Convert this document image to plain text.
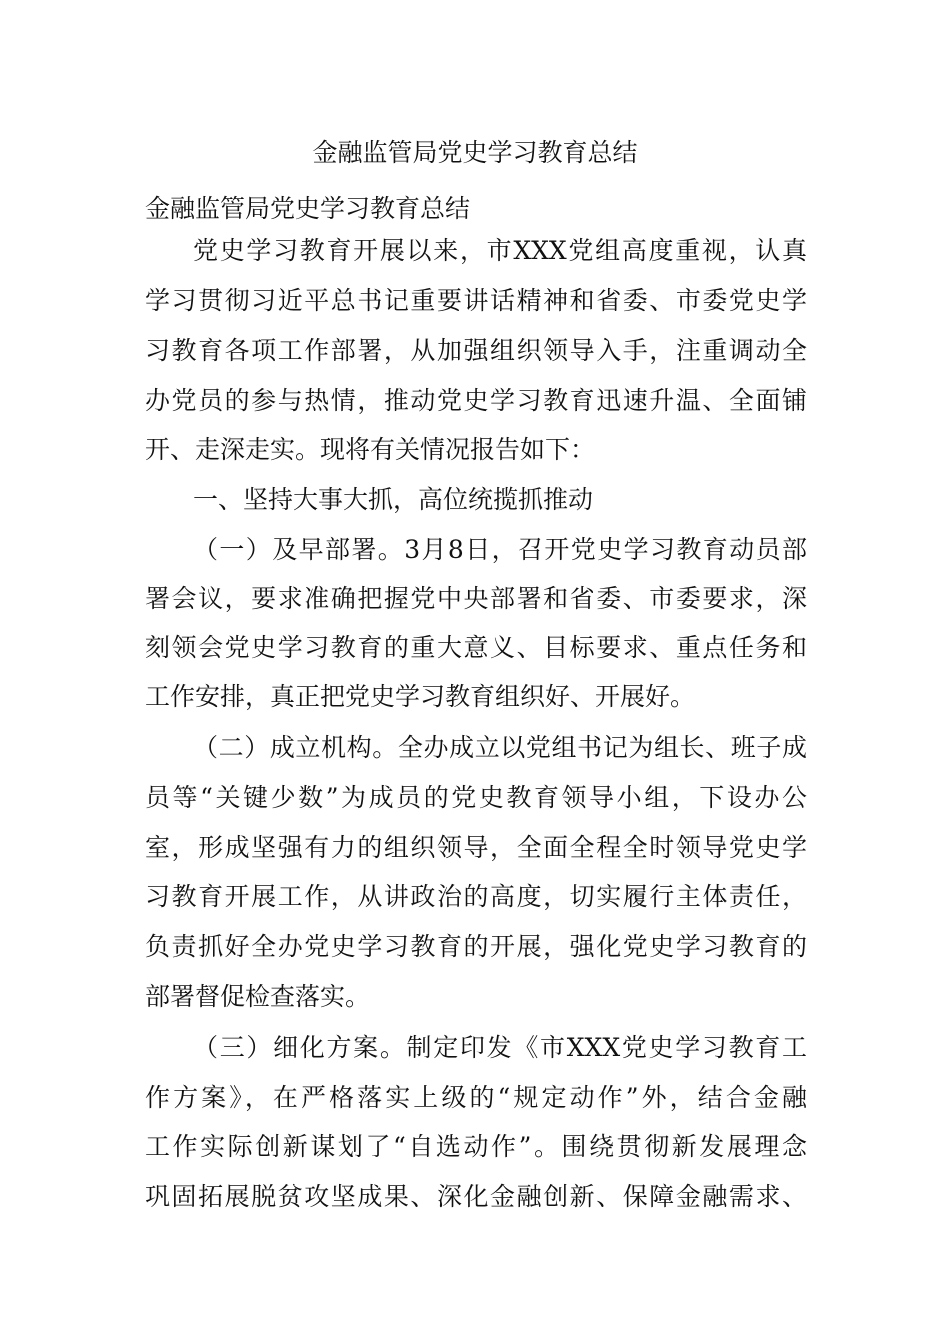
金融监管局党史学习教育总结

金融监管局党史学习教育总结

党史学习教育开展以来，市XXX党组高度重视，认真

学习贯彻习近平总书记重要讲话精神和省委、市委党史学

习教育各项工作部署，从加强组织领导入手，注重调动全

办党员的参与热情，推动党史学习教育迅速升温、全面铺

开、走深走实。现将有关情况报告如下：

一、坚持大事大抓，高位统揽抓推动

（一）及早部署。3月8日，召开党史学习教育动员部

署会议，要求准确把握党中央部署和省委、市委要求，深

刻领会党史学习教育的重大意义、目标要求、重点任务和

工作安排，真正把党史学习教育组织好、开展好。

（二）成立机构。全办成立以党组书记为组长、班子成

员等“关键少数”为成员的党史教育领导小组，下设办公

室，形成坚强有力的组织领导，全面全程全时领导党史学

习教育开展工作，从讲政治的高度，切实履行主体责任，

负责抓好全办党史学习教育的开展，强化党史学习教育的

部署督促检查落实。

（三）细化方案。制定印发《市XXX党史学习教育工

作方案》，在严格落实上级的“规定动作”外，结合金融

工作实际创新谋划了“自选动作”。围绕贯彻新发展理念

巩固拓展脱贫攻坚成果、深化金融创新、保障金融需求、
